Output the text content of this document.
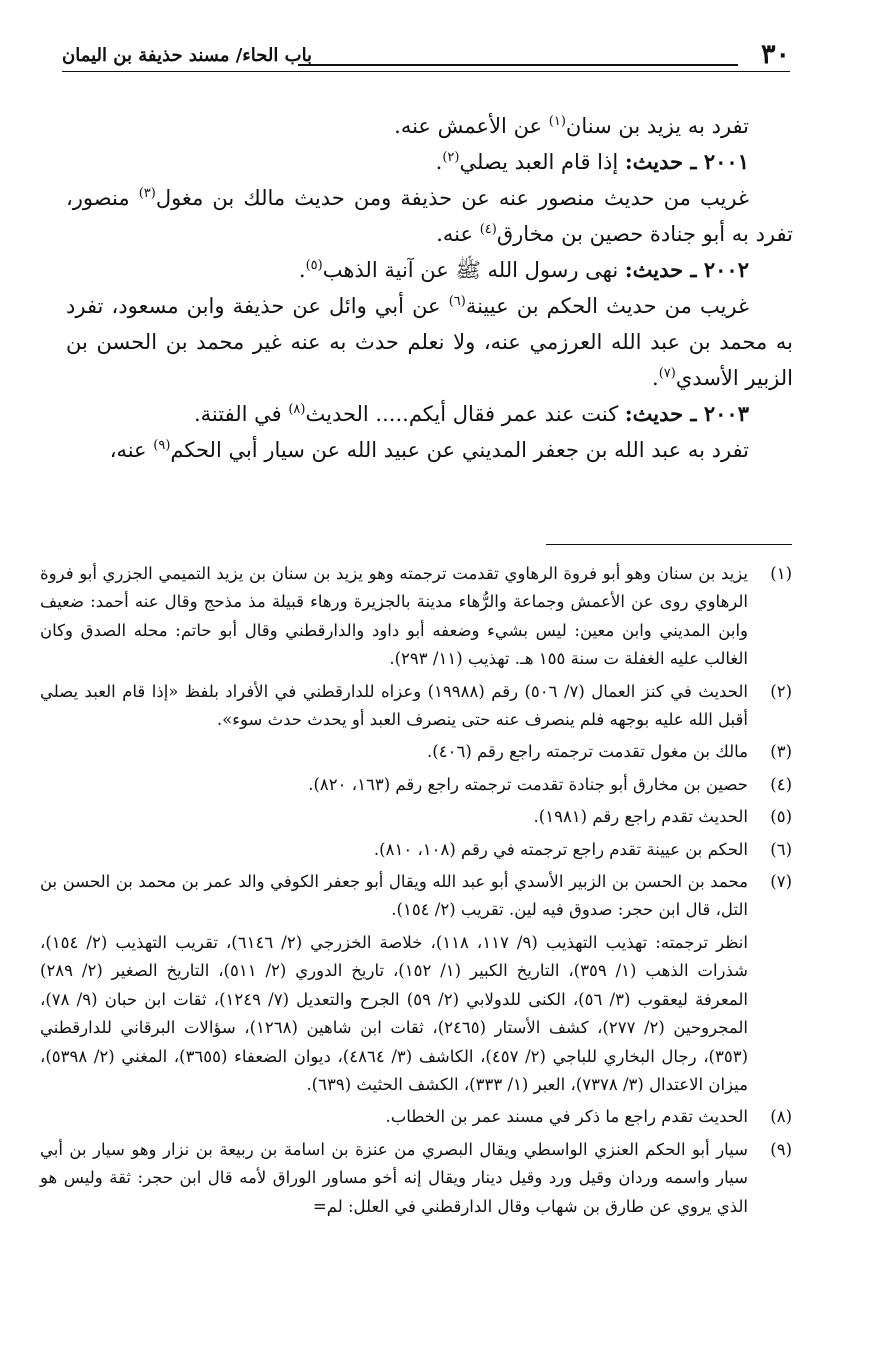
٣٠
باب الحاء/ مسند حذيفة بن اليمان

تفرد به يزيد بن سنان$^{(١)}$ عن الأعمش عنه.

٢٠٠١ ـ حديث: إذا قام العبد يصلي$^{(٢)}$.

غريب من حديث منصور عنه عن حذيفة ومن حديث مالك بن مغول$^{(٣)}$ منصور، تفرد به أبو جنادة حصين بن مخارق$^{(٤)}$ عنه.

٢٠٠٢ ـ حديث: نهى رسول الله ﷺ عن آنية الذهب$^{(٥)}$.

غريب من حديث الحكم بن عيينة$^{(٦)}$ عن أبي وائل عن حذيفة وابن مسعود، تفرد به محمد بن عبد الله العرزمي عنه، ولا نعلم حدث به عنه غير محمد بن الحسن بن الزبير الأسدي$^{(٧)}$.

٢٠٠٣ ـ حديث: كنت عند عمر فقال أيكم..... الحديث$^{(٨)}$ في الفتنة.

تفرد به عبد الله بن جعفر المديني عن عبيد الله عن سيار أبي الحكم$^{(٩)}$ عنه،

(١)
يزيد بن سنان وهو أبو فروة الرهاوي تقدمت ترجمته وهو يزيد بن سنان بن يزيد التميمي الجزري أبو فروة الرهاوي روى عن الأعمش وجماعة والرُّهاء مدينة بالجزيرة ورهاء قبيلة مذ مذحج وقال عنه أحمد: ضعيف وابن المديني وابن معين: ليس بشيء وضعفه أبو داود والدارقطني وقال أبو حاتم: محله الصدق وكان الغالب عليه الغفلة ت سنة ١٥٥ هـ. تهذيب (١١/ ٢٩٣).
(٢)
الحديث في كنز العمال (٧/ ٥٠٦) رقم (١٩٩٨٨) وعزاه للدارقطني في الأفراد بلفظ «إذا قام العبد يصلي أقبل الله عليه بوجهه فلم ينصرف عنه حتى ينصرف العبد أو يحدث حدث سوء».
(٣)
مالك بن مغول تقدمت ترجمته راجع رقم (٤٠٦).
(٤)
حصين بن مخارق أبو جنادة تقدمت ترجمته راجع رقم (١٦٣، ٨٢٠).
(٥)
الحديث تقدم راجع رقم (١٩٨١).
(٦)
الحكم بن عيينة تقدم راجع ترجمته في رقم (١٠٨، ٨١٠).
(٧)
محمد بن الحسن بن الزبير الأسدي أبو عبد الله ويقال أبو جعفر الكوفي والد عمر بن محمد بن الحسن بن التل، قال ابن حجر: صدوق فيه لين. تقريب (٢/ ١٥٤).
انظر ترجمته: تهذيب التهذيب (٩/ ١١٧، ١١٨)، خلاصة الخزرجي (٢/ ٦١٤٦)، تقريب التهذيب (٢/ ١٥٤)، شذرات الذهب (١/ ٣٥٩)، التاريخ الكبير (١/ ١٥٢)، تاريخ الدوري (٢/ ٥١١)، التاريخ الصغير (٢/ ٢٨٩) المعرفة ليعقوب (٣/ ٥٦)، الكنى للدولابي (٢/ ٥٩) الجرح والتعديل (٧/ ١٢٤٩)، ثقات ابن حبان (٩/ ٧٨)، المجروحين (٢/ ٢٧٧)، كشف الأستار (٢٤٦٥)، ثقات ابن شاهين (١٢٦٨)، سؤالات البرقاني للدارقطني (٣٥٣)، رجال البخاري للباجي (٢/ ٤٥٧)، الكاشف (٣/ ٤٨٦٤)، ديوان الضعفاء (٣٦٥٥)، المغني (٢/ ٥٣٩٨)، ميزان الاعتدال (٣/ ٧٣٧٨)، العبر (١/ ٣٣٣)، الكشف الحثيث (٦٣٩).
(٨)
الحديث تقدم راجع ما ذكر في مسند عمر بن الخطاب.
(٩)
سيار أبو الحكم العنزي الواسطي ويقال البصري من عنزة بن اسامة بن ربيعة بن نزار وهو سيار بن أبي سيار واسمه وردان وقيل ورد وقيل دينار ويقال إنه أخو مساور الوراق لأمه قال ابن حجر: ثقة وليس هو الذي يروي عن طارق بن شهاب وقال الدارقطني في العلل: لم=
